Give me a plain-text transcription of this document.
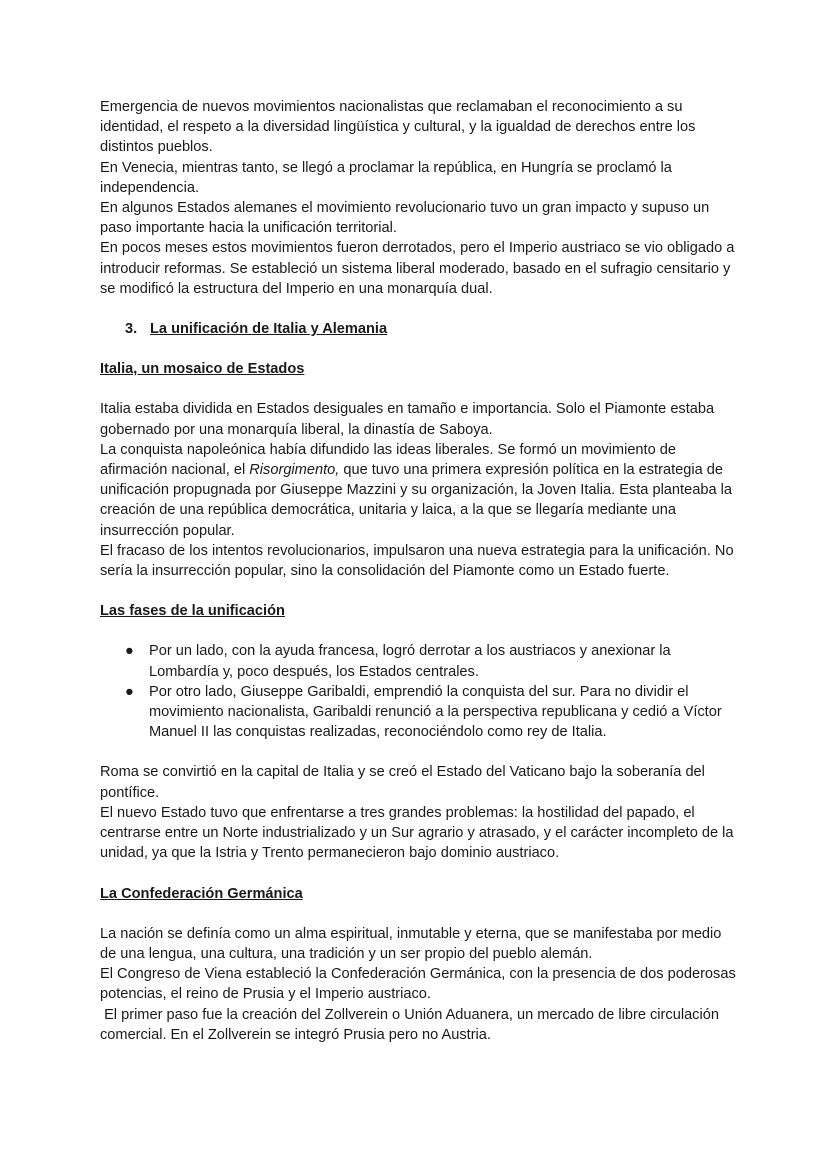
Emergencia de nuevos movimientos nacionalistas que reclamaban el reconocimiento a su identidad, el respeto a la diversidad lingüística y cultural, y la igualdad de derechos entre los distintos pueblos.

En Venecia, mientras tanto, se llegó a proclamar la república, en Hungría se proclamó la independencia.

En algunos Estados alemanes el movimiento revolucionario tuvo un gran impacto y supuso un paso importante hacia la unificación territorial.

En pocos meses estos movimientos fueron derrotados, pero el Imperio austriaco se vio obligado a introducir reformas. Se estableció un sistema liberal moderado, basado en el sufragio censitario y se modificó la estructura del Imperio en una monarquía dual.

3. La unificación de Italia y Alemania

Italia, un mosaico de Estados

Italia estaba dividida en Estados desiguales en tamaño e importancia. Solo el Piamonte estaba gobernado por una monarquía liberal, la dinastía de Saboya.

La conquista napoleónica había difundido las ideas liberales. Se formó un movimiento de afirmación nacional, el Risorgimento, que tuvo una primera expresión política en la estrategia de unificación propugnada por Giuseppe Mazzini y su organización, la Joven Italia. Esta planteaba la creación de una república democrática, unitaria y laica, a la que se llegaría mediante una insurrección popular.

El fracaso de los intentos revolucionarios, impulsaron una nueva estrategia para la unificación. No sería la insurrección popular, sino la consolidación del Piamonte como un Estado fuerte.

Las fases de la unificación

● Por un lado, con la ayuda francesa, logró derrotar a los austriacos y anexionar la Lombardía y, poco después, los Estados centrales.
● Por otro lado, Giuseppe Garibaldi, emprendió la conquista del sur. Para no dividir el movimiento nacionalista, Garibaldi renunció a la perspectiva republicana y cedió a Víctor Manuel II las conquistas realizadas, reconociéndolo como rey de Italia.

Roma se convirtió en la capital de Italia y se creó el Estado del Vaticano bajo la soberanía del pontífice.

El nuevo Estado tuvo que enfrentarse a tres grandes problemas: la hostilidad del papado, el centrarse entre un Norte industrializado y un Sur agrario y atrasado, y el carácter incompleto de la unidad, ya que la Istria y Trento permanecieron bajo dominio austriaco.

La Confederación Germánica

La nación se definía como un alma espiritual, inmutable y eterna, que se manifestaba por medio de una lengua, una cultura, una tradición y un ser propio del pueblo alemán.

El Congreso de Viena estableció la Confederación Germánica, con la presencia de dos poderosas potencias, el reino de Prusia y el Imperio austriaco.

El primer paso fue la creación del Zollverein o Unión Aduanera, un mercado de libre circulación comercial. En el Zollverein se integró Prusia pero no Austria.
